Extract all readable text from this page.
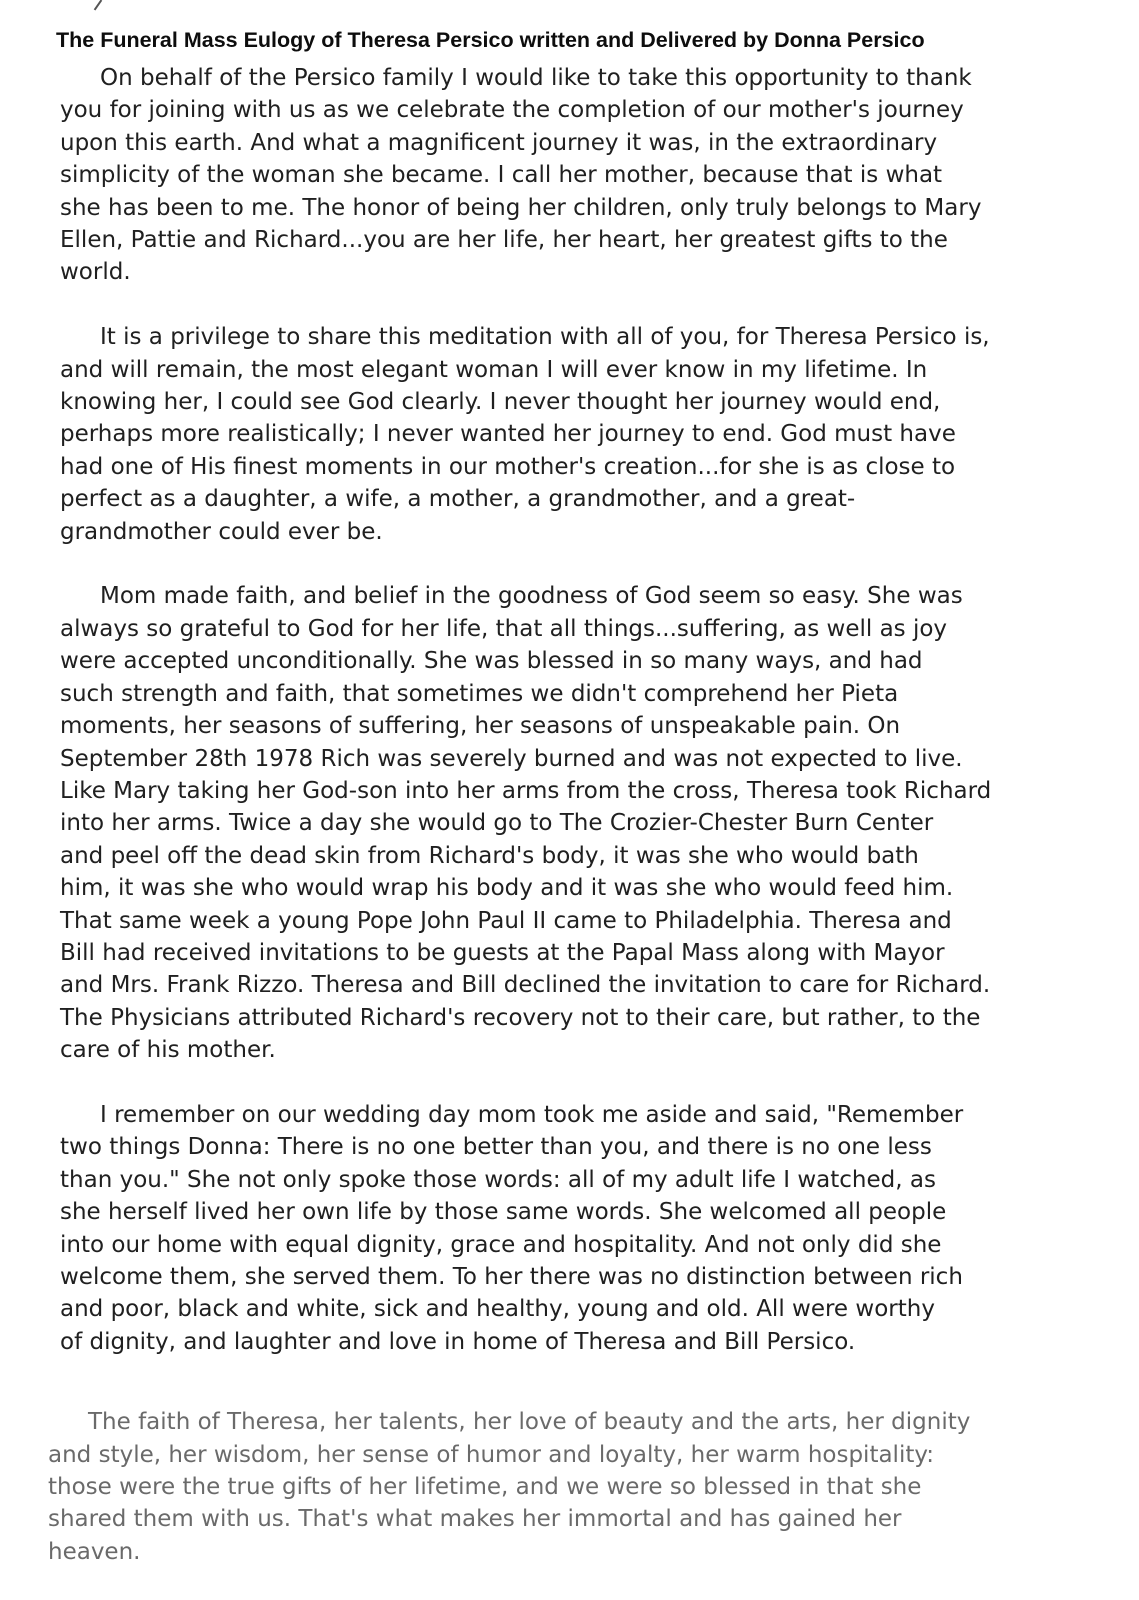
The Funeral Mass Eulogy of Theresa Persico written and Delivered by Donna Persico

On behalf of the Persico family I would like to take this opportunity to thank
you for joining with us as we celebrate the completion of our mother's journey
upon this earth. And what a magnificent journey it was, in the extraordinary
simplicity of the woman she became. I call her mother, because that is what
she has been to me. The honor of being her children, only truly belongs to Mary
Ellen, Pattie and Richard...you are her life, her heart, her greatest gifts to the
world.

It is a privilege to share this meditation with all of you, for Theresa Persico is,
and will remain, the most elegant woman I will ever know in my lifetime. In
knowing her, I could see God clearly. I never thought her journey would end,
perhaps more realistically; I never wanted her journey to end. God must have
had one of His finest moments in our mother's creation...for she is as close to
perfect as a daughter, a wife, a mother, a grandmother, and a great-
grandmother could ever be.

Mom made faith, and belief in the goodness of God seem so easy. She was
always so grateful to God for her life, that all things...suffering, as well as joy
were accepted unconditionally. She was blessed in so many ways, and had
such strength and faith, that sometimes we didn't comprehend her Pieta
moments, her seasons of suffering, her seasons of unspeakable pain. On
September 28th 1978 Rich was severely burned and was not expected to live.
Like Mary taking her God-son into her arms from the cross, Theresa took Richard
into her arms. Twice a day she would go to The Crozier-Chester Burn Center
and peel off the dead skin from Richard's body, it was she who would bath
him, it was she who would wrap his body and it was she who would feed him.
That same week a young Pope John Paul II came to Philadelphia. Theresa and
Bill had received invitations to be guests at the Papal Mass along with Mayor
and Mrs. Frank Rizzo. Theresa and Bill declined the invitation to care for Richard.
The Physicians attributed Richard's recovery not to their care, but rather, to the
care of his mother.

I remember on our wedding day mom took me aside and said, "Remember
two things Donna: There is no one better than you, and there is no one less
than you." She not only spoke those words: all of my adult life I watched, as
she herself lived her own life by those same words. She welcomed all people
into our home with equal dignity, grace and hospitality. And not only did she
welcome them, she served them. To her there was no distinction between rich
and poor, black and white, sick and healthy, young and old. All were worthy
of dignity, and laughter and love in home of Theresa and Bill Persico.

The faith of Theresa, her talents, her love of beauty and the arts, her dignity
and style, her wisdom, her sense of humor and loyalty, her warm hospitality:
those were the true gifts of her lifetime, and we were so blessed in that she
shared them with us. That's what makes her immortal and has gained her
heaven.
